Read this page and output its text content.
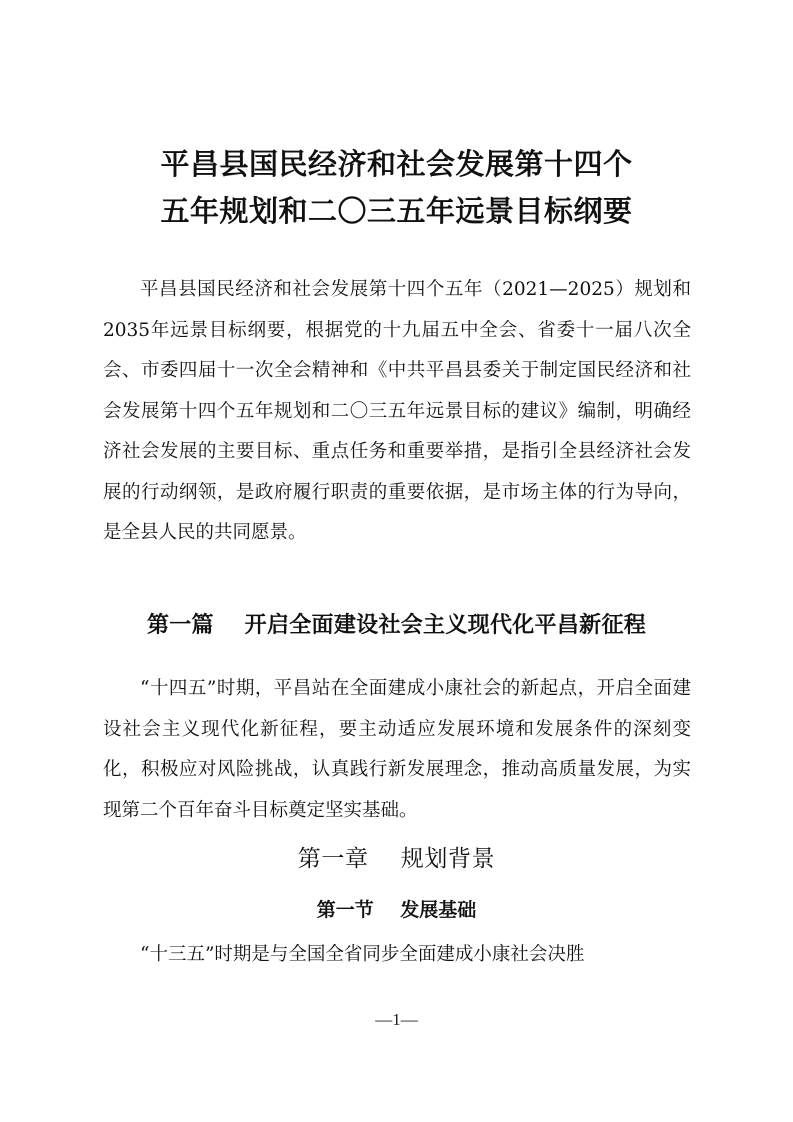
平昌县国民经济和社会发展第十四个
五年规划和二〇三五年远景目标纲要

平昌县国民经济和社会发展第十四个五年（2021—2025）规划和2035年远景目标纲要，根据党的十九届五中全会、省委十一届八次全会、市委四届十一次全会精神和《中共平昌县委关于制定国民经济和社会发展第十四个五年规划和二〇三五年远景目标的建议》编制，明确经济社会发展的主要目标、重点任务和重要举措，是指引全县经济社会发展的行动纲领，是政府履行职责的重要依据，是市场主体的行为导向，是全县人民的共同愿景。

第一篇 开启全面建设社会主义现代化平昌新征程

“十四五”时期，平昌站在全面建成小康社会的新起点，开启全面建设社会主义现代化新征程，要主动适应发展环境和发展条件的深刻变化，积极应对风险挑战，认真践行新发展理念，推动高质量发展，为实现第二个百年奋斗目标奠定坚实基础。

第一章 规划背景
第一节 发展基础

“十三五”时期是与全国全省同步全面建成小康社会决胜

—1—
